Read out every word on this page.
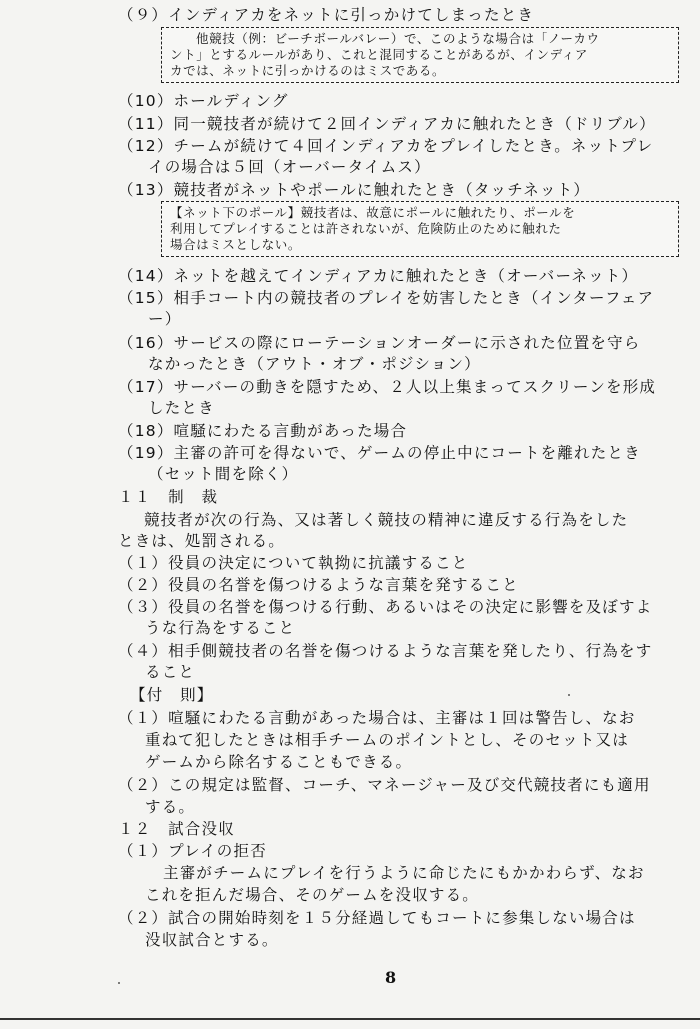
（９）インディアカをネットに引っかけてしまったとき
他競技（例：ビーチボールバレー）で、このような場合は「ノーカウ
ント」とするルールがあり、これと混同することがあるが、インディア
カでは、ネットに引っかけるのはミスである。
（10）ホールディング
（11）同一競技者が続けて２回インディアカに触れたとき（ドリブル）
（12）チームが続けて４回インディアカをプレイしたとき。ネットプレ
イの場合は５回（オーバータイムス）
（13）競技者がネットやポールに触れたとき（タッチネット）
【ネット下のポール】競技者は、故意にポールに触れたり、ポールを
利用してプレイすることは許されないが、危険防止のために触れた
場合はミスとしない。
（14）ネットを越えてインディアカに触れたとき（オーバーネット）
（15）相手コート内の競技者のプレイを妨害したとき（インターフェア
ー）
（16）サービスの際にローテーションオーダーに示された位置を守ら
なかったとき（アウト・オブ・ポジション）
（17）サーバーの動きを隠すため、２人以上集まってスクリーンを形成
したとき
（18）喧騒にわたる言動があった場合
（19）主審の許可を得ないで、ゲームの停止中にコートを離れたとき
（セット間を除く）
１１　制　裁
競技者が次の行為、又は著しく競技の精神に違反する行為をした
ときは、処罰される。
（１）役員の決定について執拗に抗議すること
（２）役員の名誉を傷つけるような言葉を発すること
（３）役員の名誉を傷つける行動、あるいはその決定に影響を及ぼすよ
うな行為をすること
（４）相手側競技者の名誉を傷つけるような言葉を発したり、行為をす
ること
【付　則】
（１）喧騒にわたる言動があった場合は、主審は１回は警告し、なお
重ねて犯したときは相手チームのポイントとし、そのセット又は
ゲームから除名することもできる。
（２）この規定は監督、コーチ、マネージャー及び交代競技者にも適用
する。
１２　試合没収
（１）プレイの拒否
主審がチームにプレイを行うように命じたにもかかわらず、なお
これを拒んだ場合、そのゲームを没収する。
（２）試合の開始時刻を１５分経過してもコートに参集しない場合は
没収試合とする。
8
